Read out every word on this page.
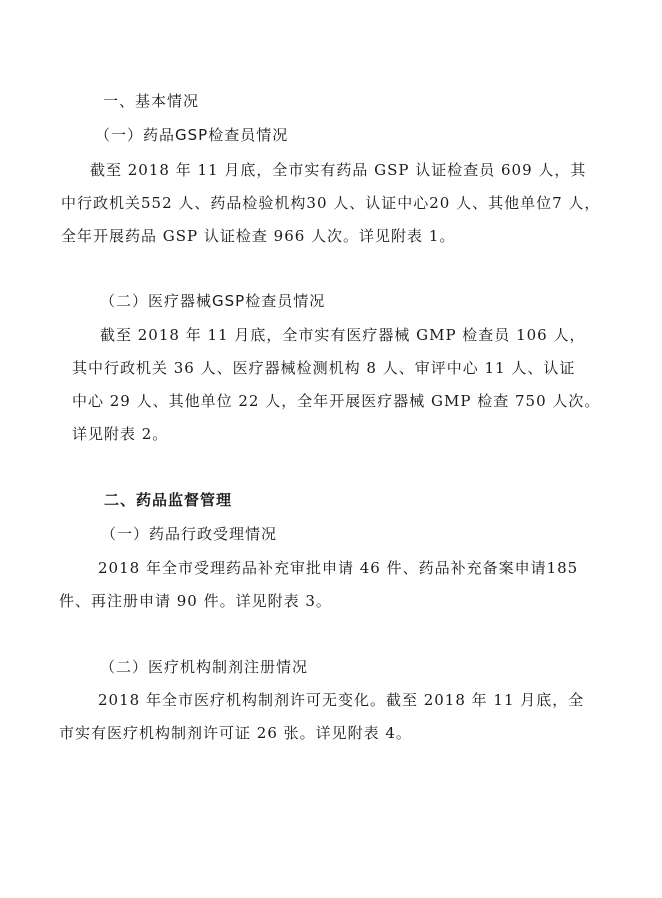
一、基本情况
（一）药品GSP检查员情况
截至 2018 年 11 月底，全市实有药品 GSP 认证检查员 609 人，其
中行政机关552 人、药品检验机构30 人、认证中心20 人、其他单位7 人，
全年开展药品 GSP 认证检查 966 人次。详见附表 1。
（二）医疗器械GSP检查员情况
截至 2018 年 11 月底，全市实有医疗器械 GMP 检查员 106 人，
其中行政机关 36 人、医疗器械检测机构 8 人、审评中心 11 人、认证
中心 29 人、其他单位 22 人，全年开展医疗器械 GMP 检查 750 人次。
详见附表 2。
二、药品监督管理
（一）药品行政受理情况
2018 年全市受理药品补充审批申请 46 件、药品补充备案申请185
件、再注册申请 90 件。详见附表 3。
（二）医疗机构制剂注册情况
2018 年全市医疗机构制剂许可无变化。截至 2018 年 11 月底，全
市实有医疗机构制剂许可证 26 张。详见附表 4。
